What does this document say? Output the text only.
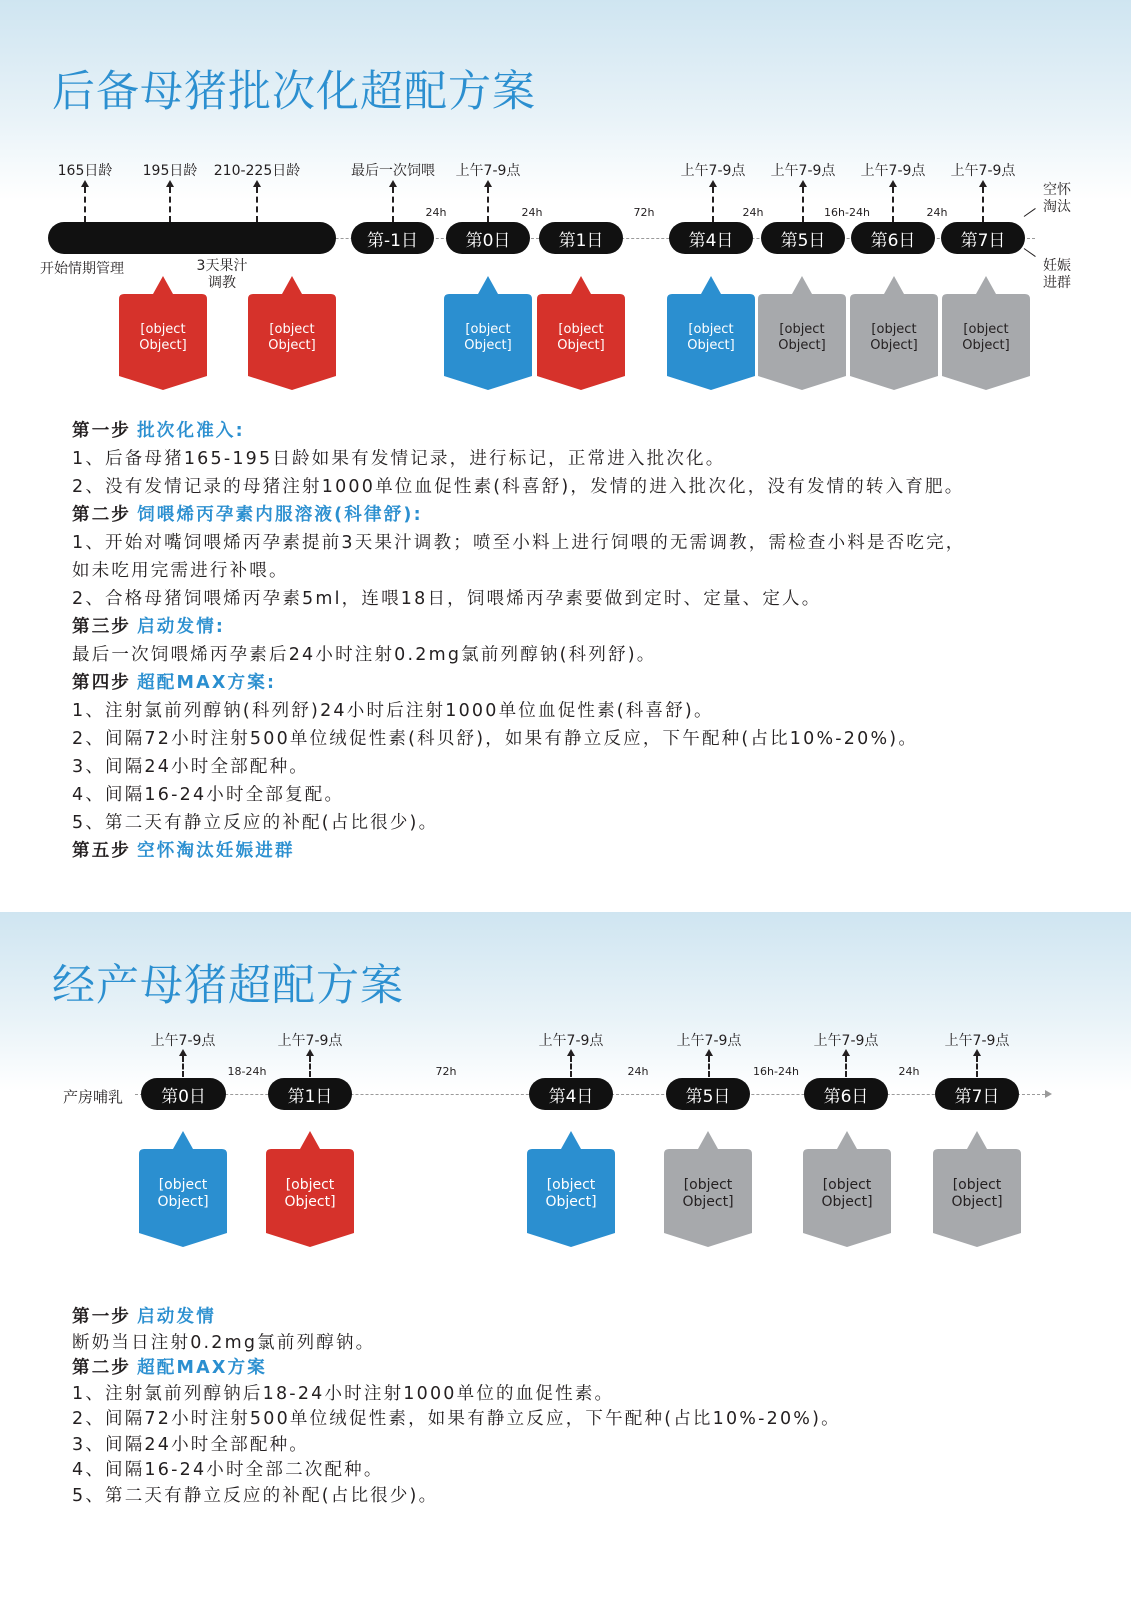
后备母猪批次化超配方案
经产母猪超配方案
165日龄 195日龄 210-225日龄	最后一次饲喂 上午7-9点	上午7-9点 上午7-9点 上午7-9点 上午7-9点
第-1日	第0日	第1日	第4日	第5日	第6日	第7日
24h	24h	72h	24h	16h-24h	24h
开始情期管理	3天果汁
调教
空怀
淘汰
妊娠
进群
[object Object]
[object Object]
[object Object]
[object Object]
[object Object]
[object Object]
[object Object]
[object Object]
上午7-9点	上午7-9点	上午7-9点	上午7-9点	上午7-9点	上午7-9点
产房哺乳	第0日	第1日	第4日	第5日	第6日	第7日
18-24h	72h	24h	16h-24h	24h
[object Object]
[object Object]
[object Object]
[object Object]
[object Object]
[object Object]
第一步 批次化准入:
1、后备母猪165-195日龄如果有发情记录，进行标记，正常进入批次化。
2、没有发情记录的母猪注射1000单位血促性素(科喜舒)，发情的进入批次化，没有发情的转入育肥。
第二步 饲喂烯丙孕素内服溶液(科律舒):
1、开始对嘴饲喂烯丙孕素提前3天果汁调教；喷至小料上进行饲喂的无需调教，需检查小料是否吃完，
如未吃用完需进行补喂。
2、合格母猪饲喂烯丙孕素5ml，连喂18日，饲喂烯丙孕素要做到定时、定量、定人。
第三步 启动发情:
最后一次饲喂烯丙孕素后24小时注射0.2mg氯前列醇钠(科列舒)。
第四步 超配MAX方案:
1、注射氯前列醇钠(科列舒)24小时后注射1000单位血促性素(科喜舒)。
2、间隔72小时注射500单位绒促性素(科贝舒)，如果有静立反应，下午配种(占比10%-20%)。
3、间隔24小时全部配种。
4、间隔16-24小时全部复配。
5、第二天有静立反应的补配(占比很少)。
第五步 空怀淘汰妊娠进群
第一步 启动发情
断奶当日注射0.2mg氯前列醇钠。
第二步 超配MAX方案
1、注射氯前列醇钠后18-24小时注射1000单位的血促性素。
2、间隔72小时注射500单位绒促性素，如果有静立反应，下午配种(占比10%-20%)。
3、间隔24小时全部配种。
4、间隔16-24小时全部二次配种。
5、第二天有静立反应的补配(占比很少)。
